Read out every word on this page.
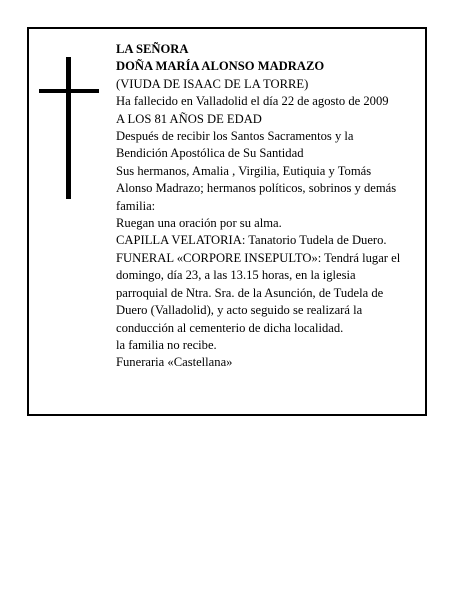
LA SEÑORA

DOÑA MARÍA ALONSO MADRAZO

(VIUDA DE ISAAC DE LA TORRE)

Ha fallecido en Valladolid el día 22 de agosto de 2009

A LOS 81 AÑOS DE EDAD

Después de recibir los Santos Sacramentos y la
Bendición Apostólica de Su Santidad

Sus hermanos, Amalia , Virgilia, Eutiquia y Tomás
Alonso Madrazo; hermanos políticos, sobrinos y demás
familia:

Ruegan una oración por su alma.

CAPILLA VELATORIA: Tanatorio Tudela de Duero.

FUNERAL «CORPORE INSEPULTO»: Tendrá lugar el
domingo, día 23, a las 13.15 horas, en la iglesia
parroquial de Ntra. Sra. de la Asunción, de Tudela de
Duero (Valladolid), y acto seguido se realizará la
conducción al cementerio de dicha localidad.

la familia no recibe.

Funeraria «Castellana»
